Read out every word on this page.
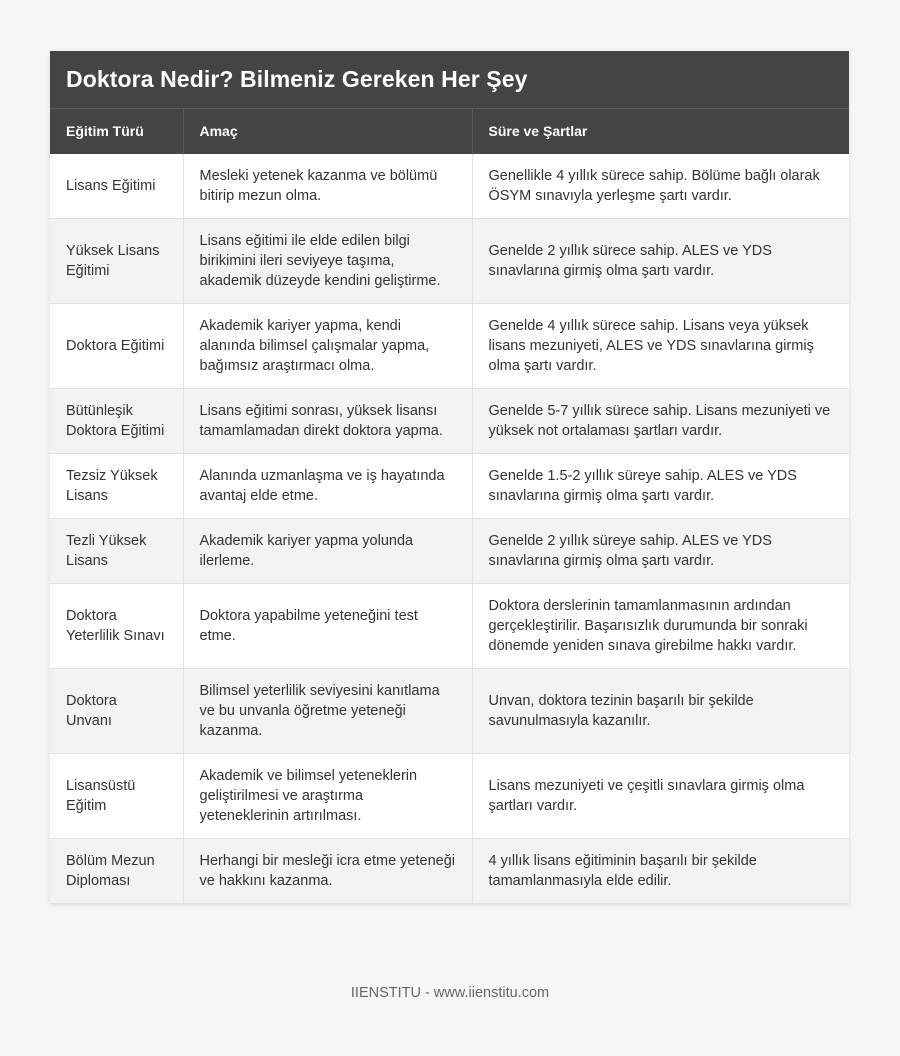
Doktora Nedir? Bilmeniz Gereken Her Şey
Eğitim Türü	Amaç	Süre ve Şartlar
Lisans Eğitimi	Mesleki yetenek kazanma ve bölümü bitirip mezun olma.	Genellikle 4 yıllık sürece sahip. Bölüme bağlı olarak ÖSYM sınavıyla yerleşme şartı vardır.
Yüksek Lisans Eğitimi	Lisans eğitimi ile elde edilen bilgi birikimini ileri seviyeye taşıma, akademik düzeyde kendini geliştirme.	Genelde 2 yıllık sürece sahip. ALES ve YDS sınavlarına girmiş olma şartı vardır.
Doktora Eğitimi	Akademik kariyer yapma, kendi alanında bilimsel çalışmalar yapma, bağımsız araştırmacı olma.	Genelde 4 yıllık sürece sahip. Lisans veya yüksek lisans mezuniyeti, ALES ve YDS sınavlarına girmiş olma şartı vardır.
Bütünleşik Doktora Eğitimi	Lisans eğitimi sonrası, yüksek lisansı tamamlamadan direkt doktora yapma.	Genelde 5-7 yıllık sürece sahip. Lisans mezuniyeti ve yüksek not ortalaması şartları vardır.
Tezsiz Yüksek Lisans	Alanında uzmanlaşma ve iş hayatında avantaj elde etme.	Genelde 1.5-2 yıllık süreye sahip. ALES ve YDS sınavlarına girmiş olma şartı vardır.
Tezli Yüksek Lisans	Akademik kariyer yapma yolunda ilerleme.	Genelde 2 yıllık süreye sahip. ALES ve YDS sınavlarına girmiş olma şartı vardır.
Doktora Yeterlilik Sınavı	Doktora yapabilme yeteneğini test etme.	Doktora derslerinin tamamlanmasının ardından gerçekleştirilir. Başarısızlık durumunda bir sonraki dönemde yeniden sınava girebilme hakkı vardır.
Doktora Unvanı	Bilimsel yeterlilik seviyesini kanıtlama ve bu unvanla öğretme yeteneği kazanma.	Unvan, doktora tezinin başarılı bir şekilde savunulmasıyla kazanılır.
Lisansüstü Eğitim	Akademik ve bilimsel yeteneklerin geliştirilmesi ve araştırma yeteneklerinin artırılması.	Lisans mezuniyeti ve çeşitli sınavlara girmiş olma şartları vardır.
Bölüm Mezun Diploması	Herhangi bir mesleği icra etme yeteneği ve hakkını kazanma.	4 yıllık lisans eğitiminin başarılı bir şekilde tamamlanmasıyla elde edilir.
IIENSTITU - www.iienstitu.com
